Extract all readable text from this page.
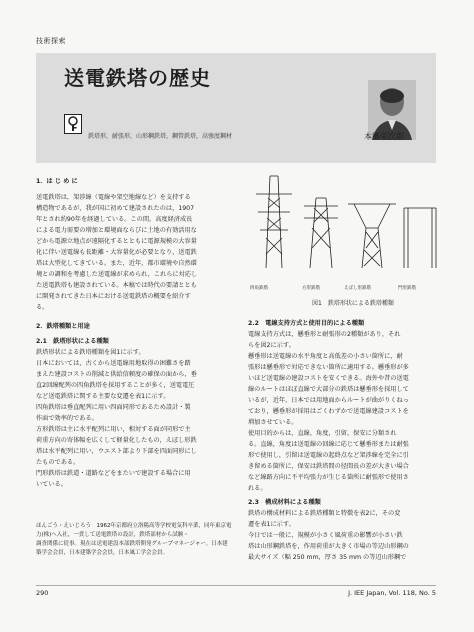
技術探索
送電鉄塔の歴史
鉄塔形，耐張形，山形鋼鉄塔，鋼管鉄塔，高強度鋼材	本郷栄次郎

1．は じ め に

送電鉄塔は，架渉線（電線や架空地線など）を支持する

構造物であるが，我が国に初めて建設されたのは，1907

年とされ約90年を経過している。この間，高度経済成長

による電力需要の増加と環境面ならびに土地の有効活用な

どから電源立地点が遠隔化するとともに電源規模の大容量

化に伴い送電線も長距離・大容量化が必要となり，送電鉄

塔は大型化してきている。また，近年，都市環境や自然環

境との調和を考慮した送電線が求められ，これらに対応し

た送電鉄塔も建設されている。本稿では時代の要請ととも

に開発されてきた日本における送電鉄塔の概要を紹介す

る。

2．鉄塔種類と用途

2.1　鉄塔形状による種類

鉄塔形状による鉄塔種類を図1に示す。

日本においては，古くから送電線用地取得の困難さを踏

まえた建設コストの削減と供給信頼度の確保の面から，垂

直2回線配列の四角鉄塔を採用することが多く，送電電圧

など送電鉄塔に関する主要な変遷を表1に示す。

四角鉄塔は垂直配列に用い四面同形であるため設計・製

作面で効率的である。

方形鉄塔は主に水平配列に用い，相対する面が同形で主

荷重方向の寄体幅を広くして軽量化したもの，えぼし形鉄

塔は水平配列に用い，ウエスト部より下部を四面同形にし

たものである。

門形鉄塔は鉄道・道路などをまたいで建設する場合に用

いている。

ほんごう・えいじろう　1962年京都府立洛陽高等学校電気科卒業，同年東京電力(株)へ入社，一貫して送電鉄塔の設計，鉄塔部材から試験・
調査関係に従事。現在は送電建設本部鉄塔開発グループマネージャー。日本建築学会会員，日本建築学会会員，日本風工学会会員。
四角鉄塔	方形鉄塔	えぼし形鉄塔	門形鉄塔
図1　鉄塔形状による鉄塔種類

2.2　電線支持方式と使用目的による種類

電線支持方式は，懸垂形と耐張形の2種類があり，それ

らを図2に示す。

懸垂形は送電線の水平角度と高低差の小さい箇所に，耐

張形は懸垂形で対応できない箇所に適用する。懸垂形が多

いほど送電線の建設コストを安くできる。海外や昔の送電

線のルートはほぼ直線で大部分の鉄塔は懸垂形を採用して

いるが，近年，日本では用地面からルートが曲がりくねっ

ており，懸垂形が採用はごくわずかで送電線建設コストを

増加させている。

使用目的からは，直線，角度，引留，保安に分類され

る。直線，角度は送電線の回線に応じて懸垂形または耐張

形で使用し，引留は送電線の起終点など架渉線を完全に引

き留める箇所に，保安は鉄塔間の径間長の差が大きい場合

など線路方向に不平均張力が生じる箇所に耐張形で使用さ

れる。

2.3　構成材料による種類

鉄塔の構成材料による鉄塔種類と特徴を表2に，その変

遷を表1に示す。

今日では一般に，規模が小さく風荷重の影響が小さい鉄

塔は山形鋼鉄塔を，作用荷重が大きく市場の等辺山形鋼の

最大サイズ（幅 250 mm，厚さ 35 mm の等辺山形鋼で

290	J. IEE Japan, Vol. 118, No. 5
